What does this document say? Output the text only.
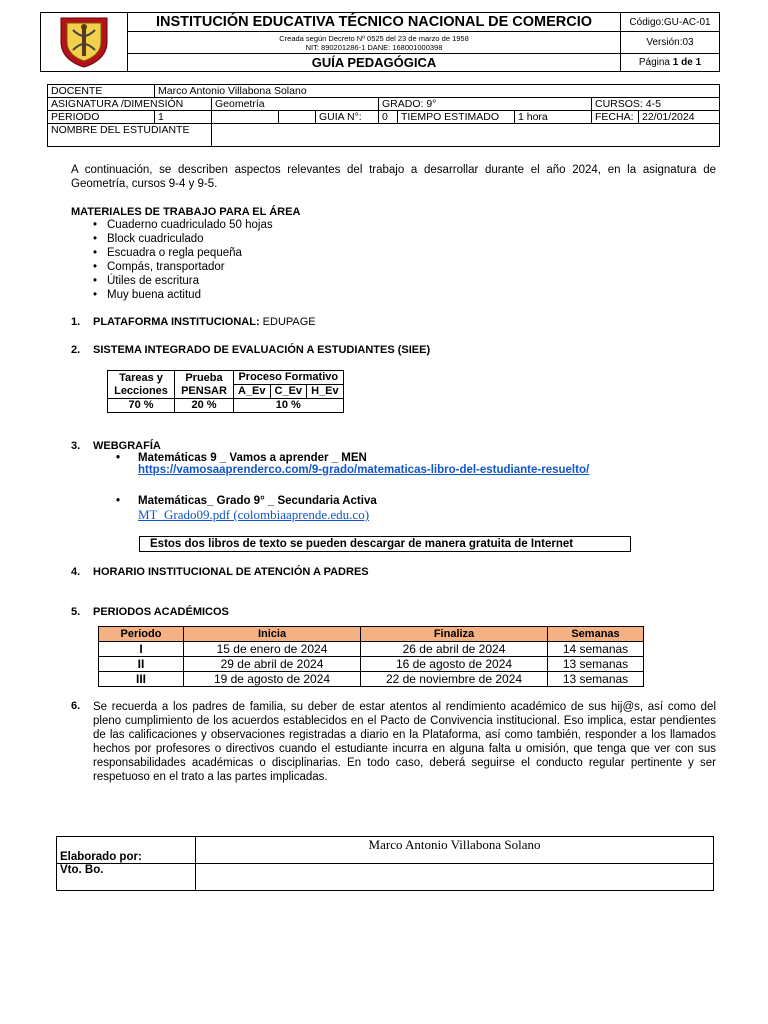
	INSTITUCIÓN EDUCATIVA TÉCNICO NACIONAL DE COMERCIO	Código:GU-AC-01

	Creada según Decreto Nº 0525 del 23 de marzo de 1958
NIT: 890201286-1 DANE: 168001000398	Versión:03
	GUÍA PEDAGÓGICA	Página 1 de 1
DOCENTE	Marco Antonio Villabona Solano								
ASIGNATURA /DIMENSIÓN		Geometría			GRADO: 9°			CURSOS: 4-5	
PERIODO	1			GUIA N°:	0	TIEMPO ESTIMADO	1 hora	FECHA:	22/01/2024
NOMBRE DEL ESTUDIANTE									
A continuación, se describen aspectos relevantes del trabajo a desarrollar durante el año 2024, en la asignatura de Geometría, cursos 9-4 y 9-5.
MATERIALES DE TRABAJO PARA EL ÁREA
• Cuaderno cuadriculado 50 hojas
• Block cuadriculado
• Escuadra o regla pequeña
• Compás, transportador
• Útiles de escritura
• Muy buena actitud
1. PLATAFORMA INSTITUCIONAL: EDUPAGE
2. SISTEMA INTEGRADO DE EVALUACIÓN A ESTUDIANTES (SIEE)
Tareas y Lecciones	Prueba PENSAR	Proceso Formativo		
		A_Ev	C_Ev	H_Ev
70 %	20 %	10 %		
3. WEBGRAFÍA
•	Matemáticas 9 _ Vamos a aprender _ MEN
https://vamosaaprenderco.com/9-grado/matematicas-libro-del-estudiante-resuelto/
•	Matemáticas_ Grado 9° _ Secundaria Activa
MT_Grado09.pdf (colombiaaprende.edu.co)
Estos dos libros de texto se pueden descargar de manera gratuita de Internet
4. HORARIO INSTITUCIONAL DE ATENCIÓN A PADRES
5. PERIODOS ACADÉMICOS
Periodo	Inicia	Finaliza	Semanas
I	15 de enero de 2024	26 de abril de 2024	14 semanas
II	29 de abril de 2024	16 de agosto de 2024	13 semanas
III	19 de agosto de 2024	22 de noviembre de 2024	13 semanas
6. Se recuerda a los padres de familia, su deber de estar atentos al rendimiento académico de sus hij@s, así como del pleno cumplimiento de los acuerdos establecidos en el Pacto de Convivencia institucional. Eso implica, estar pendientes de las calificaciones y observaciones registradas a diario en la Plataforma, así como también, responder a los llamados hechos por profesores o directivos cuando el estudiante incurra en alguna falta u omisión, que tenga que ver con sus responsabilidades académicas o disciplinarias. En todo caso, deberá seguirse el conducto regular pertinente y ser respetuoso en el trato a las partes implicadas.
Elaborado por:	Marco Antonio Villabona Solano
Vto. Bo.	
